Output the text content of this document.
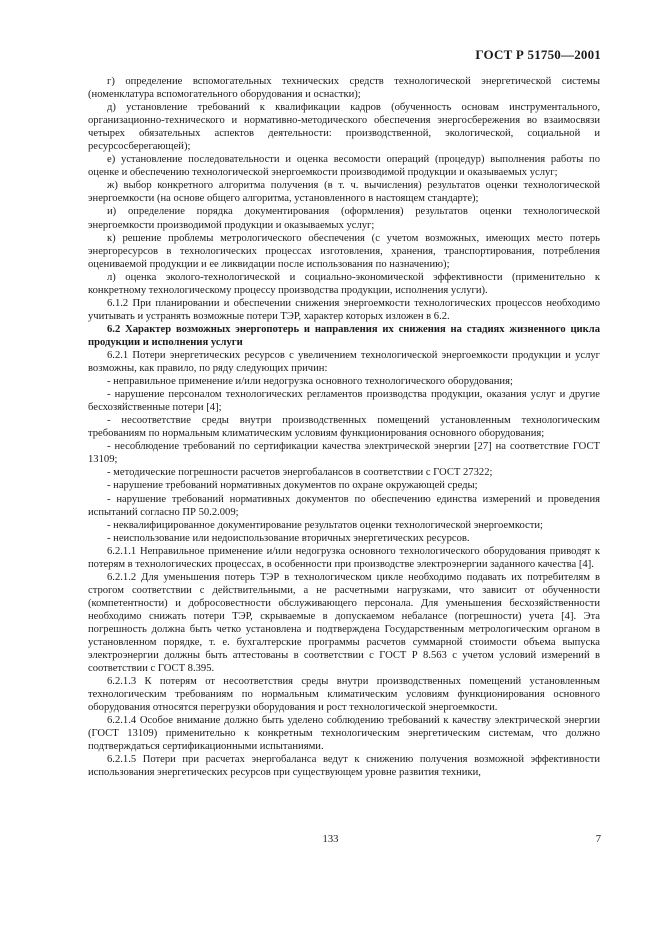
ГОСТ Р 51750—2001

г) определение вспомогательных технических средств технологической энергетической системы (номенклатура вспомогательного оборудования и оснастки);

д) установление требований к квалификации кадров (обученность основам инструментального, организационно-технического и нормативно-методического обеспечения энергосбережения во взаимосвязи четырех обязательных аспектов деятельности: производственной, экологической, социальной и ресурсосберегающей);

е) установление последовательности и оценка весомости операций (процедур) выполнения работы по оценке и обеспечению технологической энергоемкости производимой продукции и оказываемых услуг;

ж) выбор конкретного алгоритма получения (в т. ч. вычисления) результатов оценки технологической энергоемкости (на основе общего алгоритма, установленного в настоящем стандарте);

и) определение порядка документирования (оформления) результатов оценки технологической энергоемкости производимой продукции и оказываемых услуг;

к) решение проблемы метрологического обеспечения (с учетом возможных, имеющих место потерь энергоресурсов в технологических процессах изготовления, хранения, транспортирования, потребления оцениваемой продукции и ее ликвидации после использования по назначению);

л) оценка эколого-технологической и социально-экономической эффективности (применительно к конкретному технологическому процессу производства продукции, исполнения услуги).

6.1.2 При планировании и обеспечении снижения энергоемкости технологических процессов необходимо учитывать и устранять возможные потери ТЭР, характер которых изложен в 6.2.

6.2 Характер возможных энергопотерь и направления их снижения на стадиях жизненного цикла продукции и исполнения услуги

6.2.1 Потери энергетических ресурсов с увеличением технологической энергоемкости продукции и услуг возможны, как правило, по ряду следующих причин:

- неправильное применение и/или недогрузка основного технологического оборудования;

- нарушение персоналом технологических регламентов производства продукции, оказания услуг и другие бесхозяйственные потери [4];

- несоответствие среды внутри производственных помещений установленным технологическим требованиям по нормальным климатическим условиям функционирования основного оборудования;

- несоблюдение требований по сертификации качества электрической энергии [27] на соответствие ГОСТ 13109;

- методические погрешности расчетов энергобалансов в соответствии с ГОСТ 27322;

- нарушение требований нормативных документов по охране окружающей среды;

- нарушение требований нормативных документов по обеспечению единства измерений и проведения испытаний согласно ПР 50.2.009;

- неквалифицированное документирование результатов оценки технологической энергоемкости;

- неиспользование или недоиспользование вторичных энергетических ресурсов.

6.2.1.1 Неправильное применение и/или недогрузка основного технологического оборудования приводят к потерям в технологических процессах, в особенности при производстве электроэнергии заданного качества [4].

6.2.1.2 Для уменьшения потерь ТЭР в технологическом цикле необходимо подавать их потребителям в строгом соответствии с действительными, а не расчетными нагрузками, что зависит от обученности (компетентности) и добросовестности обслуживающего персонала. Для уменьшения бесхозяйственности необходимо снижать потери ТЭР, скрываемые в допускаемом небалансе (погрешности) учета [4]. Эта погрешность должна быть четко установлена и подтверждена Государственным метрологическим органом в установленном порядке, т. е. бухгалтерские программы расчетов суммарной стоимости объема выпуска электроэнергии должны быть аттестованы в соответствии с ГОСТ Р 8.563 с учетом условий измерений в соответствии с ГОСТ 8.395.

6.2.1.3 К потерям от несоответствия среды внутри производственных помещений установленным технологическим требованиям по нормальным климатическим условиям функционирования основного оборудования относятся перегрузки оборудования и рост технологической энергоемкости.

6.2.1.4 Особое внимание должно быть уделено соблюдению требований к качеству электрической энергии (ГОСТ 13109) применительно к конкретным технологическим энергетическим системам, что должно подтверждаться сертификационными испытаниями.

6.2.1.5 Потери при расчетах энергобаланса ведут к снижению получения возможной эффективности использования энергетических ресурсов при существующем уровне развития техники,

133	7
